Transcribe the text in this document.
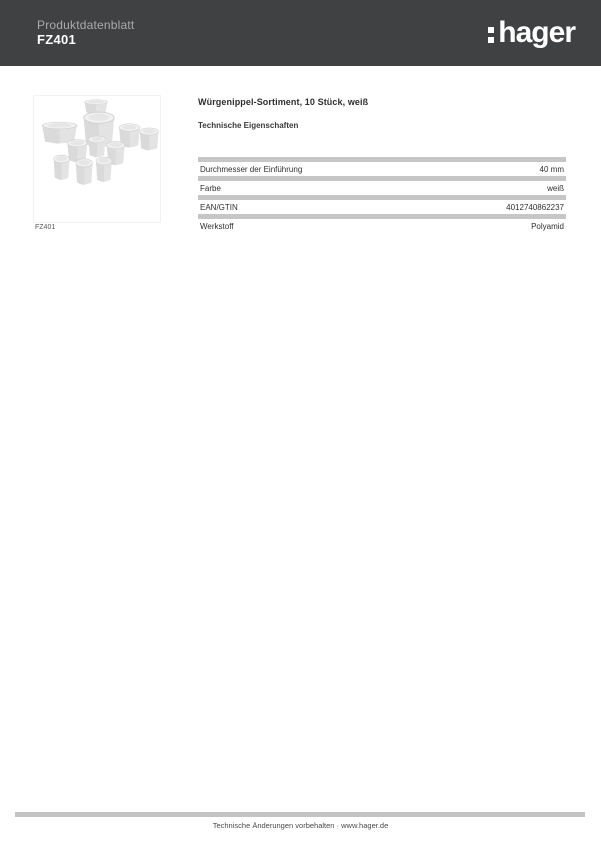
Produktdatenblatt
FZ401	hager
FZ401
Würgenippel-Sortiment, 10 Stück, weiß
Technische Eigenschaften
Durchmesser der Einführung	40 mm
Farbe	weiß
EAN/GTIN	4012740862237
Werkstoff	Polyamid
Technische Änderungen vorbehalten · www.hager.de
